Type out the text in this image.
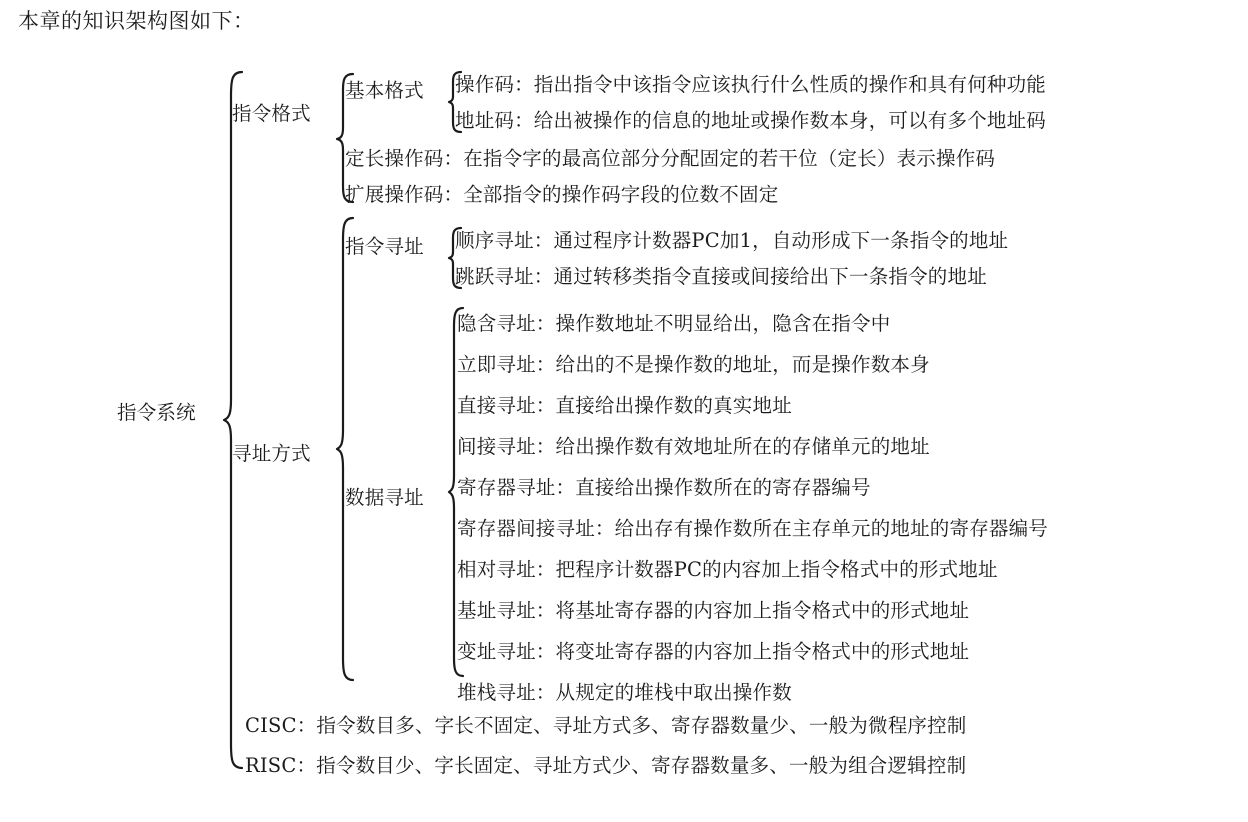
本章的知识架构图如下：
指令系统
指令格式
基本格式 操作码：指出指令中该指令应该执行什么性质的操作和具有何种功能
地址码：给出被操作的信息的地址或操作数本身，可以有多个地址码
定长操作码：在指令字的最高位部分分配固定的若干位（定长）表示操作码
扩展操作码：全部指令的操作码字段的位数不固定
寻址方式
指令寻址 顺序寻址：通过程序计数器PC加1，自动形成下一条指令的地址
跳跃寻址：通过转移类指令直接或间接给出下一条指令的地址
数据寻址
隐含寻址：操作数地址不明显给出，隐含在指令中
立即寻址：给出的不是操作数的地址，而是操作数本身
直接寻址：直接给出操作数的真实地址
间接寻址：给出操作数有效地址所在的存储单元的地址
寄存器寻址：直接给出操作数所在的寄存器编号
寄存器间接寻址：给出存有操作数所在主存单元的地址的寄存器编号
相对寻址：把程序计数器PC的内容加上指令格式中的形式地址
基址寻址：将基址寄存器的内容加上指令格式中的形式地址
变址寻址：将变址寄存器的内容加上指令格式中的形式地址
堆栈寻址：从规定的堆栈中取出操作数
CISC：指令数目多、字长不固定、寻址方式多、寄存器数量少、一般为微程序控制
RISC：指令数目少、字长固定、寻址方式少、寄存器数量多、一般为组合逻辑控制
